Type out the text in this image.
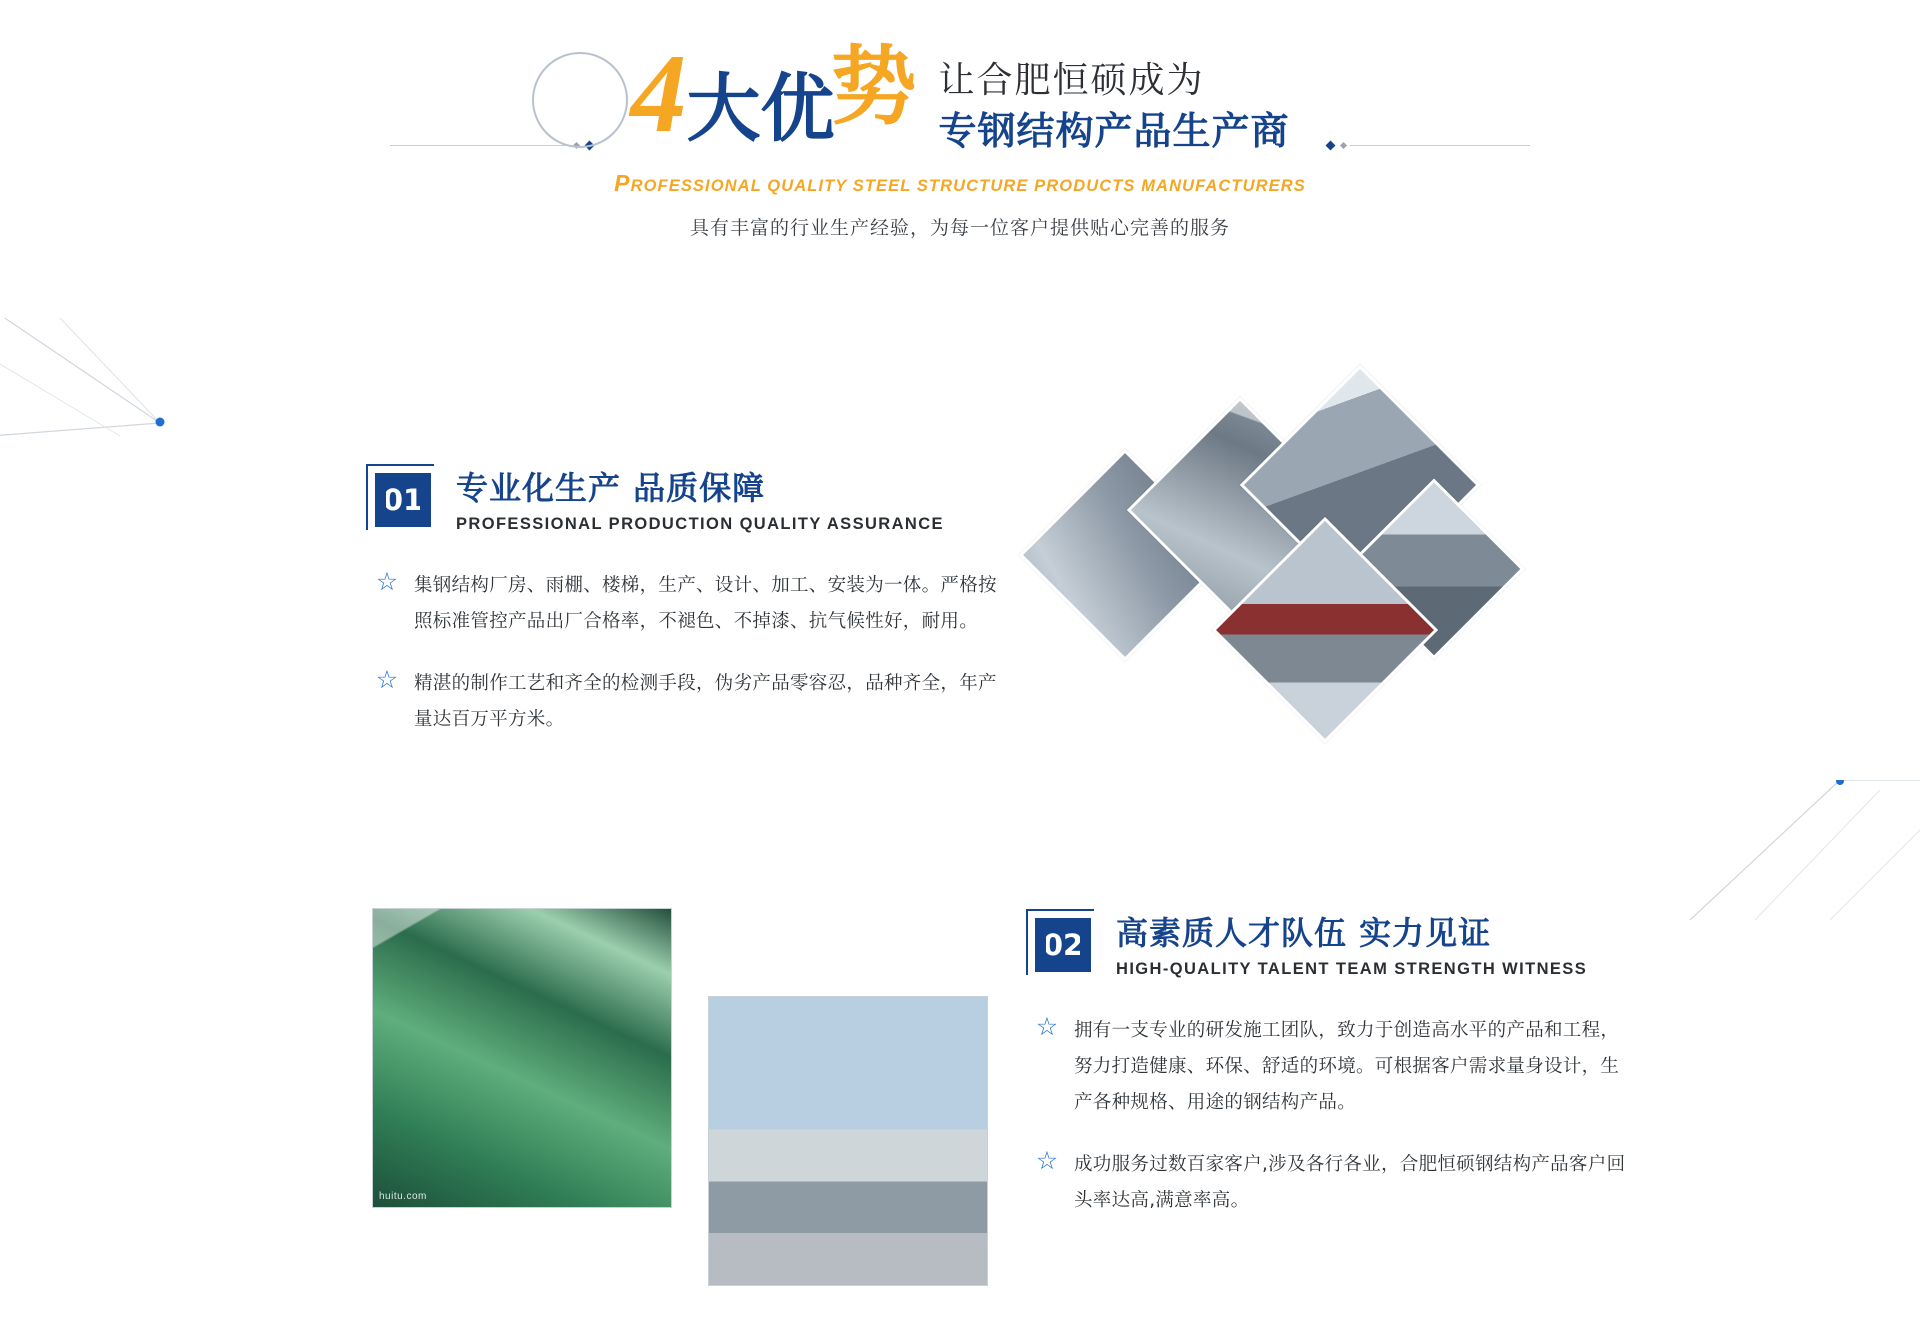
4 大优
势 让合肥恒硕成为
专钢结构产品生产商
PROFESSIONAL QUALITY STEEL STRUCTURE PRODUCTS MANUFACTURERS
具有丰富的行业生产经验，为每一位客户提供贴心完善的服务
01	专业化生产 品质保障
PROFESSIONAL PRODUCTION QUALITY ASSURANCE
☆ 集钢结构厂房、雨棚、楼梯，生产、设计、加工、安装为一体。严格按照标准管控产品出厂合格率，不褪色、不掉漆、抗气候性好，耐用。
☆ 精湛的制作工艺和齐全的检测手段，伪劣产品零容忍，品种齐全，年产量达百万平方米。
huitu.com
02	高素质人才队伍 实力见证
HIGH-QUALITY TALENT TEAM STRENGTH WITNESS
☆ 拥有一支专业的研发施工团队，致力于创造高水平的产品和工程，努力打造健康、环保、舒适的环境。可根据客户需求量身设计，生产各种规格、用途的钢结构产品。
☆ 成功服务过数百家客户,涉及各行各业，合肥恒硕钢结构产品客户回头率达高,满意率高。
